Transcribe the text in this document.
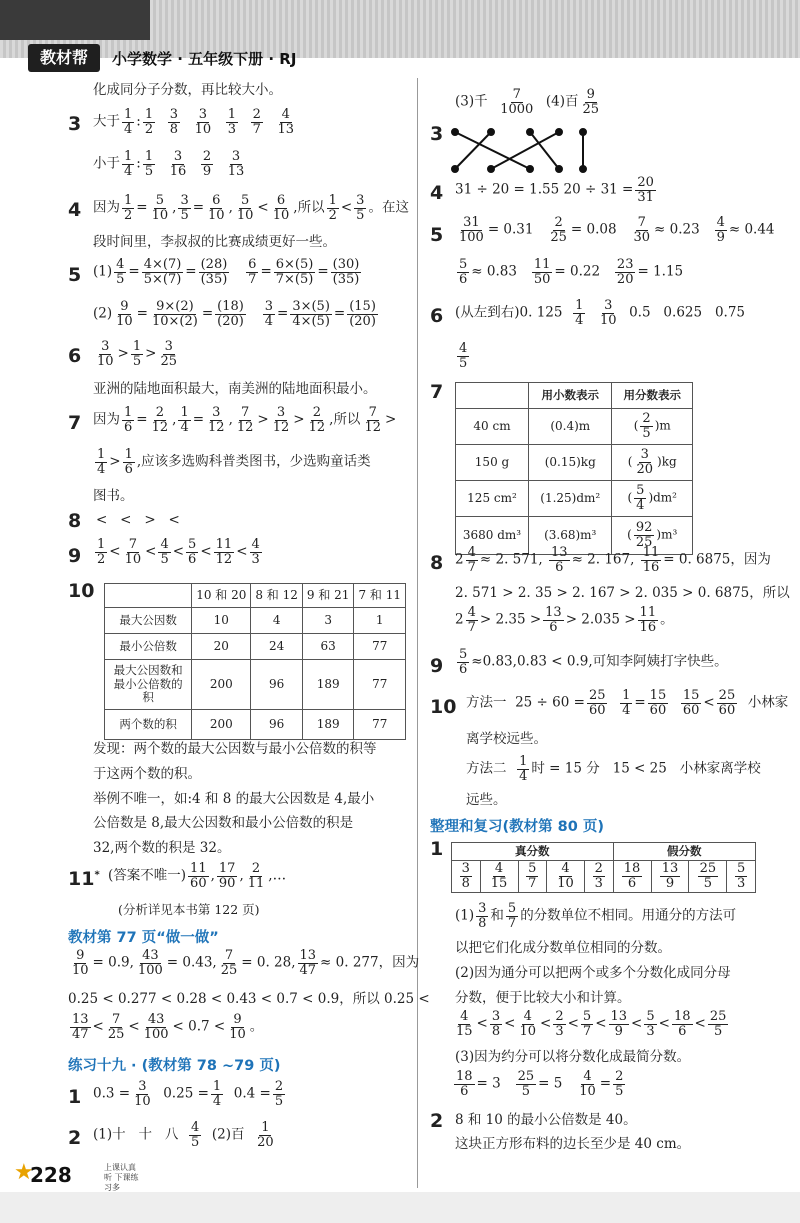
教材帮	小学数学 · 五年级下册 · RJ
化成同分子分数，再比较大小。
3 大于 $\frac{1}{4}$ : $\frac{1}{2}$
$\frac{3}{8}$
$\frac{3}{10}$
$\frac{1}{3}$
$\frac{2}{7}$
$\frac{4}{13}$
小于 $\frac{1}{4}$ : $\frac{1}{5}$
$\frac{3}{16}$
$\frac{2}{9}$
$\frac{3}{13}$
4 因为 $\frac{1}{2} = \frac{5}{10}$ , $\frac{3}{5} = \frac{6}{10}$ , $\frac{5}{10} < \frac{6}{10}$ ,所以 $\frac{1}{2} < \frac{3}{5}$ 。在这
段时间里，李叔叔的比赛成绩更好一些。
5 $(1) \frac{4}{5} = \frac{4\times(7)}{5\times(7)} = \frac{(28)}{(35)}$
$\frac{6}{7} = \frac{6\times(5)}{7\times(5)} = \frac{(30)}{(35)}$
$(2) \frac{9}{10} = \frac{9\times(2)}{10\times(2)} = \frac{(18)}{(20)}$
$\frac{3}{4} = \frac{3\times(5)}{4\times(5)} = \frac{(15)}{(20)}$
$6 \frac{3}{10} > \frac{1}{5} > \frac{3}{25}$
亚洲的陆地面积最大，南美洲的陆地面积最小。
7 因为 $\frac{1}{6} = \frac{2}{12}$ , $\frac{1}{4} = \frac{3}{12}$ , $\frac{7}{12} > \frac{3}{12} > \frac{2}{12}$ ,所以 $\frac{7}{12}$ >
$\frac{1}{4} > \frac{1}{6}$ ,应该多选购科普类图书，少选购童话类
图书。
8 <   <   >   <
$9 \frac{1}{2} < \frac{7}{10} < \frac{4}{5} < \frac{5}{6} < \frac{11}{12} < \frac{4}{3}$
10
		10 和 20	8 和 12	9 和 21	7 和 11
最大公因数	10	4	3	1
最小公倍数	20	24	63	77
最大公因数和最小公倍数的积	200	96	189	77
两个数的积	200	96	189	77
发现：两个数的最大公因数与最小公倍数的积等
于这两个数的积。
举例不唯一，如:4 和 8 的最大公因数是 4,最小
公倍数是 8,最大公因数和最小公倍数的积是
32,两个数的积是 32。
11* (答案不唯一) $\frac{11}{60}$ , $\frac{17}{90}$ , $\frac{2}{11}$ ,…
(分析详见本书第 122 页)
教材第 77 页“做一做”
$\frac{9}{10} = 0.9$, $\frac{43}{100} = 0.43$, $\frac{7}{25} = 0$. 28, $\frac{13}{47} \approx 0$. 277，因为
0.25 < 0.277 < 0.28 < 0.43 < 0.7 < 0.9，所以 0.25 <
$\frac{13}{47} < \frac{7}{25} < \frac{43}{100} < 0.7 < \frac{9}{10}$ 。
练习十九 · (教材第 78 ~79 页)
1 $0.3 = \frac{3}{10} 0.25 = \frac{1}{4} 0.4 = \frac{2}{5}$
2 (1)十   十   八 $\frac{4}{5} (2)$百 $\frac{1}{20}$
(3)千 $\frac{7}{1000} (4)$百 $\frac{9}{25}$
3
4 31 ÷ 20 = 1.55 $20 \div 31 = \frac{20}{31}$
$5 \frac{31}{100} = 0.31 \frac{2}{25} = 0.08 \frac{7}{30} \approx 0.23 \frac{4}{9} \approx 0.44$
$\frac{5}{6} \approx 0.83 \frac{11}{50} = 0.22 \frac{23}{20} = 1.15$
6 (从左到右)0. $125 \frac{1}{4}$
$\frac{3}{10} 0.5$   0.625   0.75
$\frac{4}{5}$
7
		用小数表示	用分数表示
40 cm	(0.4)m	( $\frac{2}{5} )m$
150 g	(0.15)kg	( $\frac{3}{20} )kg$
125 cm²	(1.25)dm²	( $\frac{5}{4} )dm^2$
3680 dm³	(3.68)m³	( $\frac{92}{25} )m^3$
8 $2 \frac{4}{7} \approx 2$. 571, $\frac{13}{6} \approx 2$. 167, $\frac{11}{16} = 0$. 6875，因为
2. 571 > 2. 35 > 2. 167 > 2. 035 > 0. 6875，所以
$2 \frac{4}{7} > 2.35 > \frac{13}{6} > 2.035 > \frac{11}{16}$ 。
$9 \frac{5}{6} \approx 0.83,0.83 < 0.9$,可知李阿姨打字快些。
10 方法一  $25 \div 60 = \frac{25}{60}$
$\frac{1}{4} = \frac{15}{60}$
$\frac{15}{60} < \frac{25}{60}$ 小林家
离学校远些。
方法二 $\frac{1}{4}$ 时 = 15 分   15 < 25   小林家离学校
远些。
整理和复习(教材第 80 页)
1	真分数					假分数			

$\frac{3}{8}$	$\frac{4}{15}$	$\frac{5}{7}$	$\frac{4}{10}$	$\frac{2}{3}$	$\frac{18}{6}$	$\frac{13}{9}$	$\frac{25}{5}$	$\frac{5}{3}$
$(1) \frac{3}{8}$ 和 $\frac{5}{7}$ 的分数单位不相同。用通分的方法可
以把它们化成分数单位相同的分数。
(2)因为通分可以把两个或多个分数化成同分母
分数，便于比较大小和计算。
$\frac{4}{15} < \frac{3}{8} < \frac{4}{10} < \frac{2}{3} < \frac{5}{7} < \frac{13}{9} < \frac{5}{3} < \frac{18}{6} < \frac{25}{5}$
(3)因为约分可以将分数化成最简分数。
$\frac{18}{6} = 3 \frac{25}{5} = 5 \frac{4}{10} = \frac{2}{5}$
2 8 和 10 的最小公倍数是 40。
这块正方形布料的边长至少是 40 cm。
★
228	上课认真听 下课练习多
